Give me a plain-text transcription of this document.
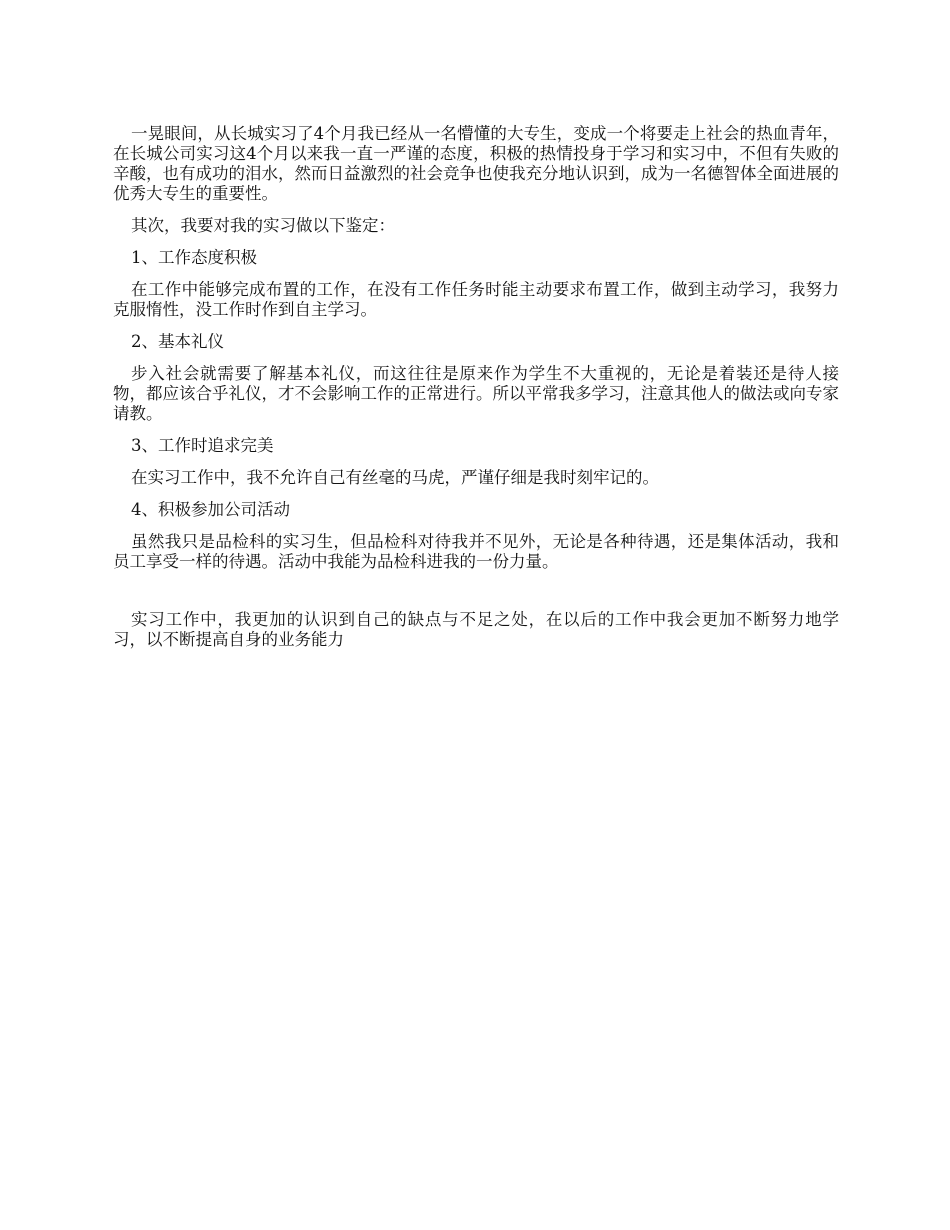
一晃眼间，从长城实习了4个月我已经从一名懵懂的大专生，变成一个将要走上社会的热血青年，在长城公司实习这4个月以来我一直一严谨的态度，积极的热情投身于学习和实习中，不但有失败的辛酸，也有成功的泪水，然而日益激烈的社会竞争也使我充分地认识到，成为一名德智体全面进展的优秀大专生的重要性。

其次，我要对我的实习做以下鉴定：

1、工作态度积极

在工作中能够完成布置的工作，在没有工作任务时能主动要求布置工作，做到主动学习，我努力克服惰性，没工作时作到自主学习。

2、基本礼仪

步入社会就需要了解基本礼仪，而这往往是原来作为学生不大重视的，无论是着装还是待人接物，都应该合乎礼仪，才不会影响工作的正常进行。所以平常我多学习，注意其他人的做法或向专家请教。

3、工作时追求完美

在实习工作中，我不允许自己有丝毫的马虎，严谨仔细是我时刻牢记的。

4、积极参加公司活动

虽然我只是品检科的实习生，但品检科对待我并不见外，无论是各种待遇，还是集体活动，我和员工享受一样的待遇。活动中我能为品检科进我的一份力量。

实习工作中，我更加的认识到自己的缺点与不足之处，在以后的工作中我会更加不断努力地学习，以不断提高自身的业务能力
